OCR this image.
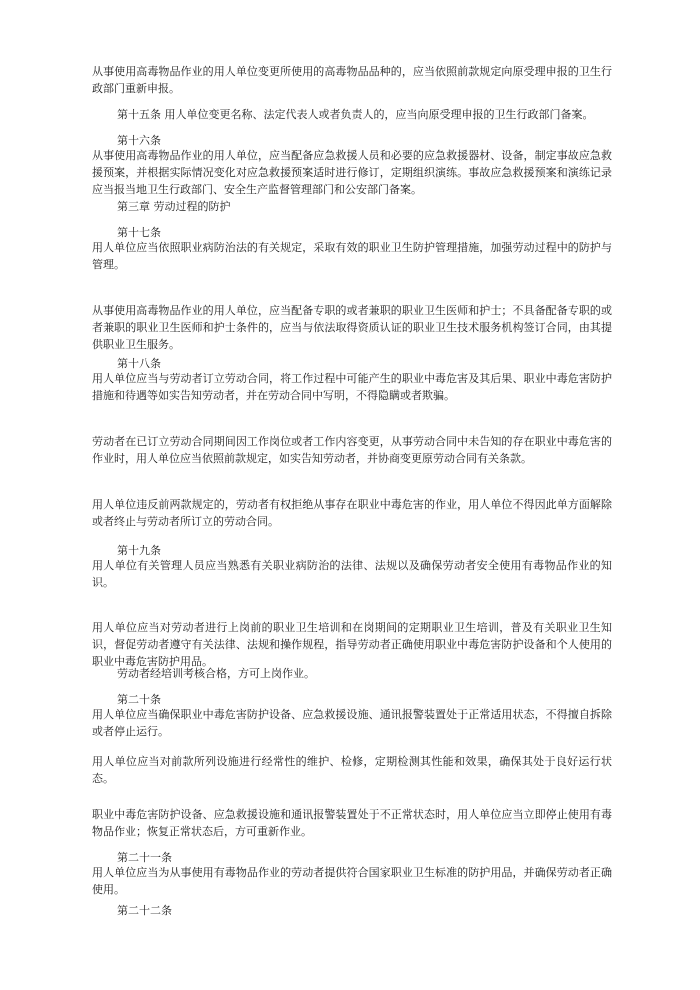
从事使用高毒物品作业的用人单位变更所使用的高毒物品品种的，应当依照前款规定向原受理申报的卫生行政部门重新申报。

第十五条 用人单位变更名称、法定代表人或者负责人的，应当向原受理申报的卫生行政部门备案。

第十六条

从事使用高毒物品作业的用人单位，应当配备应急救援人员和必要的应急救援器材、设备，制定事故应急救援预案，并根据实际情况变化对应急救援预案适时进行修订，定期组织演练。事故应急救援预案和演练记录应当报当地卫生行政部门、安全生产监督管理部门和公安部门备案。

第三章 劳动过程的防护

第十七条

用人单位应当依照职业病防治法的有关规定，采取有效的职业卫生防护管理措施，加强劳动过程中的防护与管理。

从事使用高毒物品作业的用人单位，应当配备专职的或者兼职的职业卫生医师和护士；不具备配备专职的或者兼职的职业卫生医师和护士条件的，应当与依法取得资质认证的职业卫生技术服务机构签订合同，由其提供职业卫生服务。

第十八条

用人单位应当与劳动者订立劳动合同，将工作过程中可能产生的职业中毒危害及其后果、职业中毒危害防护措施和待遇等如实告知劳动者，并在劳动合同中写明，不得隐瞒或者欺骗。

劳动者在已订立劳动合同期间因工作岗位或者工作内容变更，从事劳动合同中未告知的存在职业中毒危害的作业时，用人单位应当依照前款规定，如实告知劳动者，并协商变更原劳动合同有关条款。

用人单位违反前两款规定的，劳动者有权拒绝从事存在职业中毒危害的作业，用人单位不得因此单方面解除或者终止与劳动者所订立的劳动合同。

第十九条

用人单位有关管理人员应当熟悉有关职业病防治的法律、法规以及确保劳动者安全使用有毒物品作业的知识。

用人单位应当对劳动者进行上岗前的职业卫生培训和在岗期间的定期职业卫生培训，普及有关职业卫生知识，督促劳动者遵守有关法律、法规和操作规程，指导劳动者正确使用职业中毒危害防护设备和个人使用的职业中毒危害防护用品。

劳动者经培训考核合格，方可上岗作业。

第二十条

用人单位应当确保职业中毒危害防护设备、应急救援设施、通讯报警装置处于正常适用状态，不得擅自拆除或者停止运行。

用人单位应当对前款所列设施进行经常性的维护、检修，定期检测其性能和效果，确保其处于良好运行状态。

职业中毒危害防护设备、应急救援设施和通讯报警装置处于不正常状态时，用人单位应当立即停止使用有毒物品作业；恢复正常状态后，方可重新作业。

第二十一条

用人单位应当为从事使用有毒物品作业的劳动者提供符合国家职业卫生标准的防护用品，并确保劳动者正确使用。

第二十二条
